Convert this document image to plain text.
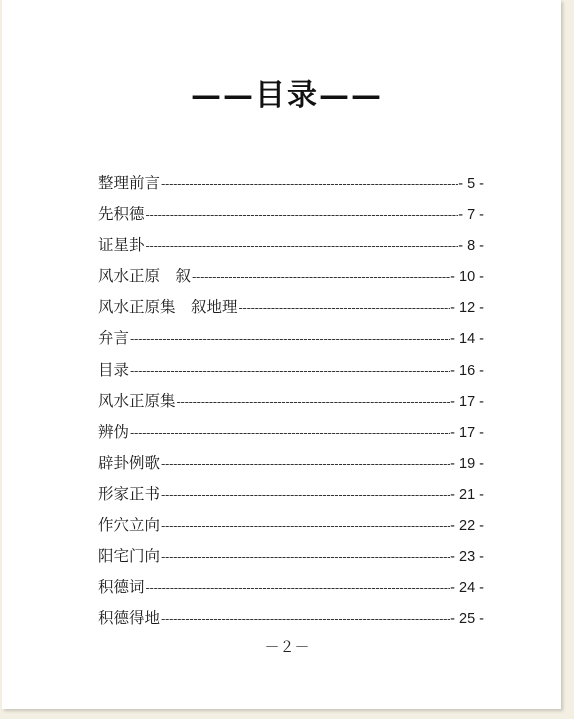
——目录——
整理前言 -----	- 5 -
先积德 -----	- 7 -
证星卦 -----	- 8 -
风水正原　叙 -----	- 10 -
风水正原集　叙地理 -----	- 12 -
弁言 -----	- 14 -
目录 -----	- 16 -
风水正原集 -----	- 17 -
辨伪 -----	- 17 -
辟卦例歌 -----	- 19 -
形家正书 -----	- 21 -
作穴立向 -----	- 22 -
阳宅门向 -----	- 23 -
积德词 -----	- 24 -
积德得地 -----	- 25 -
－２－
